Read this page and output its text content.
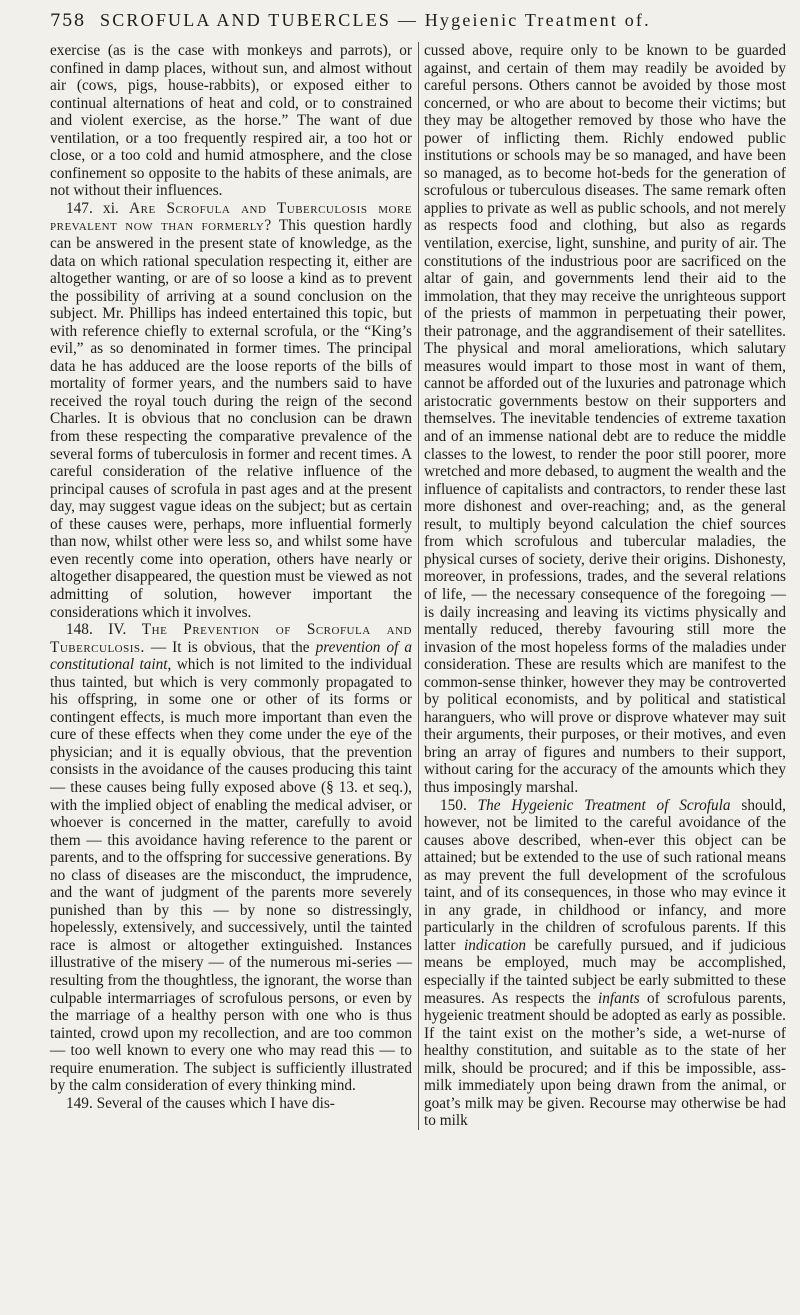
758 SCROFULA AND TUBERCLES — Hygeienic Treatment of.

exercise (as is the case with monkeys and parrots), or confined in damp places, without sun, and almost without air (cows, pigs, house-rabbits), or exposed either to continual alternations of heat and cold, or to constrained and violent exercise, as the horse.” The want of due ventilation, or a too frequently respired air, a too hot or close, or a too cold and humid atmosphere, and the close confinement so opposite to the habits of these animals, are not without their influences.

147. xi. Are Scrofula and Tuberculosis more prevalent now than formerly? This question hardly can be answered in the present state of knowledge, as the data on which rational speculation respecting it, either are altogether wanting, or are of so loose a kind as to prevent the possibility of arriving at a sound conclusion on the subject. Mr. Phillips has indeed entertained this topic, but with reference chiefly to external scrofula, or the “King’s evil,” as so denominated in former times. The principal data he has adduced are the loose reports of the bills of mortality of former years, and the numbers said to have received the royal touch during the reign of the second Charles. It is obvious that no conclusion can be drawn from these respecting the comparative prevalence of the several forms of tuberculosis in former and recent times. A careful consideration of the relative influence of the principal causes of scrofula in past ages and at the present day, may suggest vague ideas on the subject; but as certain of these causes were, perhaps, more influential formerly than now, whilst other were less so, and whilst some have even recently come into operation, others have nearly or altogether disappeared, the question must be viewed as not admitting of solution, however important the considerations which it involves.

148. IV. The Prevention of Scrofula and Tuberculosis. — It is obvious, that the prevention of a constitutional taint, which is not limited to the individual thus tainted, but which is very commonly propagated to his offspring, in some one or other of its forms or contingent effects, is much more important than even the cure of these effects when they come under the eye of the physician; and it is equally obvious, that the prevention consists in the avoidance of the causes producing this taint — these causes being fully exposed above (§ 13. et seq.), with the implied object of enabling the medical adviser, or whoever is concerned in the matter, carefully to avoid them — this avoidance having reference to the parent or parents, and to the offspring for successive generations. By no class of diseases are the misconduct, the imprudence, and the want of judgment of the parents more severely punished than by this — by none so distressingly, hopelessly, extensively, and successively, until the tainted race is almost or altogether extinguished. Instances illustrative of the misery — of the numerous mi-series — resulting from the thoughtless, the ignorant, the worse than culpable intermarriages of scrofulous persons, or even by the marriage of a healthy person with one who is thus tainted, crowd upon my recollection, and are too common — too well known to every one who may read this — to require enumeration. The subject is sufficiently illustrated by the calm consideration of every thinking mind.

149. Several of the causes which I have dis-

cussed above, require only to be known to be guarded against, and certain of them may readily be avoided by careful persons. Others cannot be avoided by those most concerned, or who are about to become their victims; but they may be altogether removed by those who have the power of inflicting them. Richly endowed public institutions or schools may be so managed, and have been so managed, as to become hot-beds for the generation of scrofulous or tuberculous diseases. The same remark often applies to private as well as public schools, and not merely as respects food and clothing, but also as regards ventilation, exercise, light, sunshine, and purity of air. The constitutions of the industrious poor are sacrificed on the altar of gain, and governments lend their aid to the immolation, that they may receive the unrighteous support of the priests of mammon in perpetuating their power, their patronage, and the aggrandisement of their satellites. The physical and moral ameliorations, which salutary measures would impart to those most in want of them, cannot be afforded out of the luxuries and patronage which aristocratic governments bestow on their supporters and themselves. The inevitable tendencies of extreme taxation and of an immense national debt are to reduce the middle classes to the lowest, to render the poor still poorer, more wretched and more debased, to augment the wealth and the influence of capitalists and contractors, to render these last more dishonest and over-reaching; and, as the general result, to multiply beyond calculation the chief sources from which scrofulous and tubercular maladies, the physical curses of society, derive their origins. Dishonesty, moreover, in professions, trades, and the several relations of life, — the necessary consequence of the foregoing — is daily increasing and leaving its victims physically and mentally reduced, thereby favouring still more the invasion of the most hopeless forms of the maladies under consideration. These are results which are manifest to the common-sense thinker, however they may be controverted by political economists, and by political and statistical haranguers, who will prove or disprove whatever may suit their arguments, their purposes, or their motives, and even bring an array of figures and numbers to their support, without caring for the accuracy of the amounts which they thus imposingly marshal.

150. The Hygeienic Treatment of Scrofula should, however, not be limited to the careful avoidance of the causes above described, when-ever this object can be attained; but be extended to the use of such rational means as may prevent the full development of the scrofulous taint, and of its consequences, in those who may evince it in any grade, in childhood or infancy, and more particularly in the children of scrofulous parents. If this latter indication be carefully pursued, and if judicious means be employed, much may be accomplished, especially if the tainted subject be early submitted to these measures. As respects the infants of scrofulous parents, hygeienic treatment should be adopted as early as possible. If the taint exist on the mother’s side, a wet-nurse of healthy constitution, and suitable as to the state of her milk, should be procured; and if this be impossible, ass-milk immediately upon being drawn from the animal, or goat’s milk may be given. Recourse may otherwise be had to milk
